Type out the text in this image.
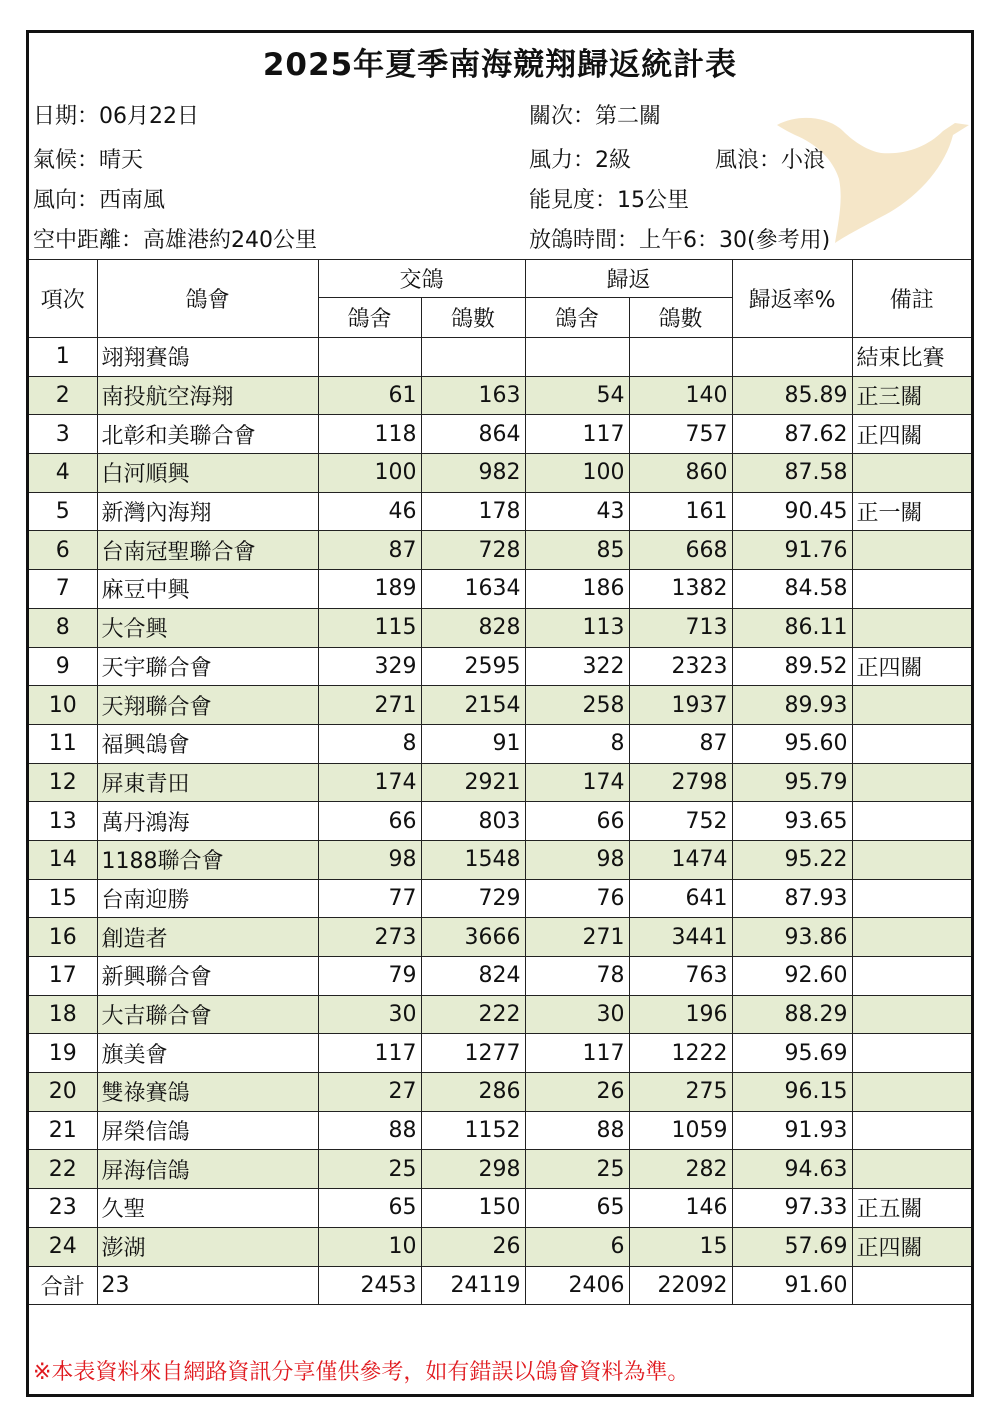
2025年夏季南海競翔歸返統計表
日期：06月22日	關次：第二關
氣候：晴天	風力：2級	風浪：小浪
風向：西南風	能見度：15公里
空中距離：高雄港約240公里	放鴿時間：上午6：30(參考用)
項次	鴿會	交鴿		歸返		歸返率%	備註
		鴿舍	鴿數	鴿舍	鴿數		
1	翊翔賽鴿						結束比賽
2	南投航空海翔	61	163	54	140	85.89	正三關
3	北彰和美聯合會	118	864	117	757	87.62	正四關
4	白河順興	100	982	100	860	87.58	
5	新灣內海翔	46	178	43	161	90.45	正一關
6	台南冠聖聯合會	87	728	85	668	91.76	
7	麻豆中興	189	1634	186	1382	84.58	
8	大合興	115	828	113	713	86.11	
9	天宇聯合會	329	2595	322	2323	89.52	正四關
10	天翔聯合會	271	2154	258	1937	89.93	
11	福興鴿會	8	91	8	87	95.60	
12	屏東青田	174	2921	174	2798	95.79	
13	萬丹鴻海	66	803	66	752	93.65	
14	1188聯合會	98	1548	98	1474	95.22	
15	台南迎勝	77	729	76	641	87.93	
16	創造者	273	3666	271	3441	93.86	
17	新興聯合會	79	824	78	763	92.60	
18	大吉聯合會	30	222	30	196	88.29	
19	旗美會	117	1277	117	1222	95.69	
20	雙祿賽鴿	27	286	26	275	96.15	
21	屏榮信鴿	88	1152	88	1059	91.93	
22	屏海信鴿	25	298	25	282	94.63	
23	久聖	65	150	65	146	97.33	正五關
24	澎湖	10	26	6	15	57.69	正四關
合計	23	2453	24119	2406	22092	91.60	
※本表資料來自網路資訊分享僅供參考，如有錯誤以鴿會資料為準。
